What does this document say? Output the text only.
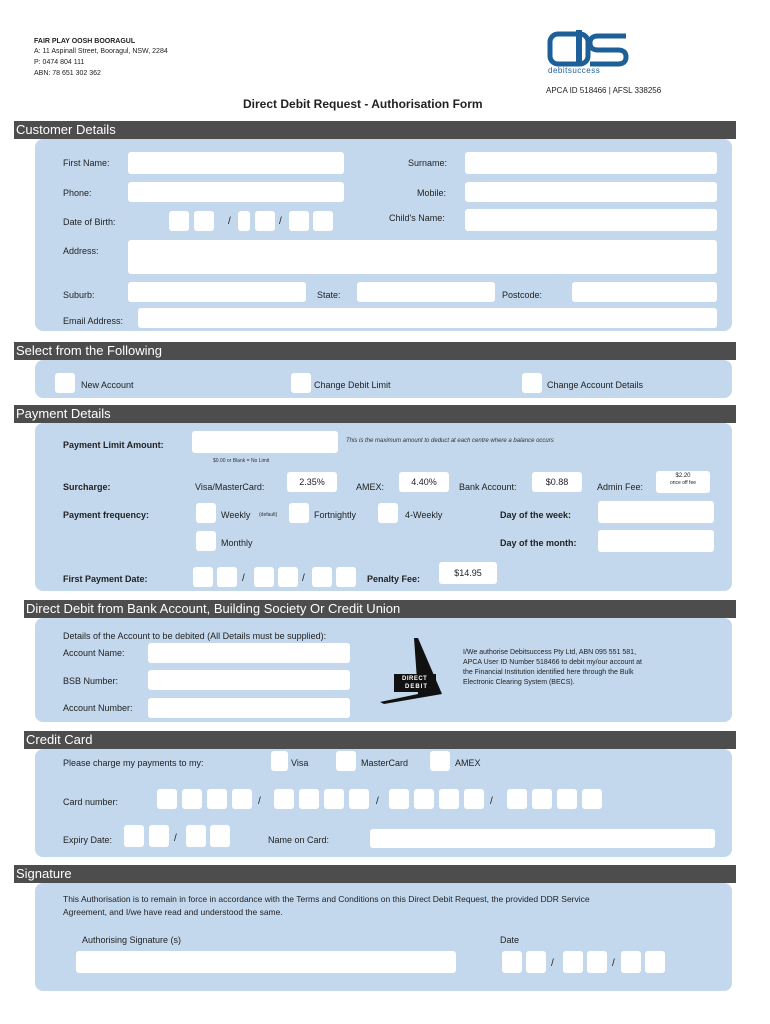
FAIR PLAY OOSH BOORAGUL
A: 11 Aspinall Street, Booragul, NSW, 2284
P: 0474 804 111
ABN: 78 651 302 362	debitsuccess
APCA ID 518466 | AFSL 338256
Direct Debit Request - Authorisation Form
Customer Details
First Name:	Surname:
Phone:	Mobile:
Date of Birth:	/	/	Child's Name:
Address:
Suburb:	State:	Postcode:
Email Address:
Select from the Following
New Account	Change Debit Limit	Change Account Details
Payment Details
Payment Limit Amount:	This is the maximum amount to deduct at each centre where a balance occurs
$0.00 or Blank = No Limit
Surcharge:	Visa/MasterCard:	2.35%	AMEX:	4.40%	Bank Account:	$0.88	Admin Fee:
$2.20
once off fee
Payment frequency:	Weekly (default)	Fortnightly	4-Weekly	Day of the week:
Monthly	Day of the month:
First Payment Date:	/	/	Penalty Fee:
$14.95
Direct Debit from Bank Account, Building Society Or Credit Union
Details of the Account to be debited (All Details must be supplied):
Account Name:
BSB Number:
Account Number:
DIRECT
DEBIT
I/We authorise Debitsuccess Pty Ltd, ABN 095 551 581,
APCA User ID Number 518466 to debit my/our account at
the Financial Institution identified here through the Bulk
Electronic Clearing System (BECS).
Credit Card
Please charge my payments to my:	Visa	MasterCard	AMEX
Card number:	/	/	/
Expiry Date:	/	Name on Card:
Signature
This Authorisation is to remain in force in accordance with the Terms and Conditions on this Direct Debit Request, the provided DDR Service
Agreement, and I/we have read and understood the same.
Authorising Signature (s)	Date
/	/
